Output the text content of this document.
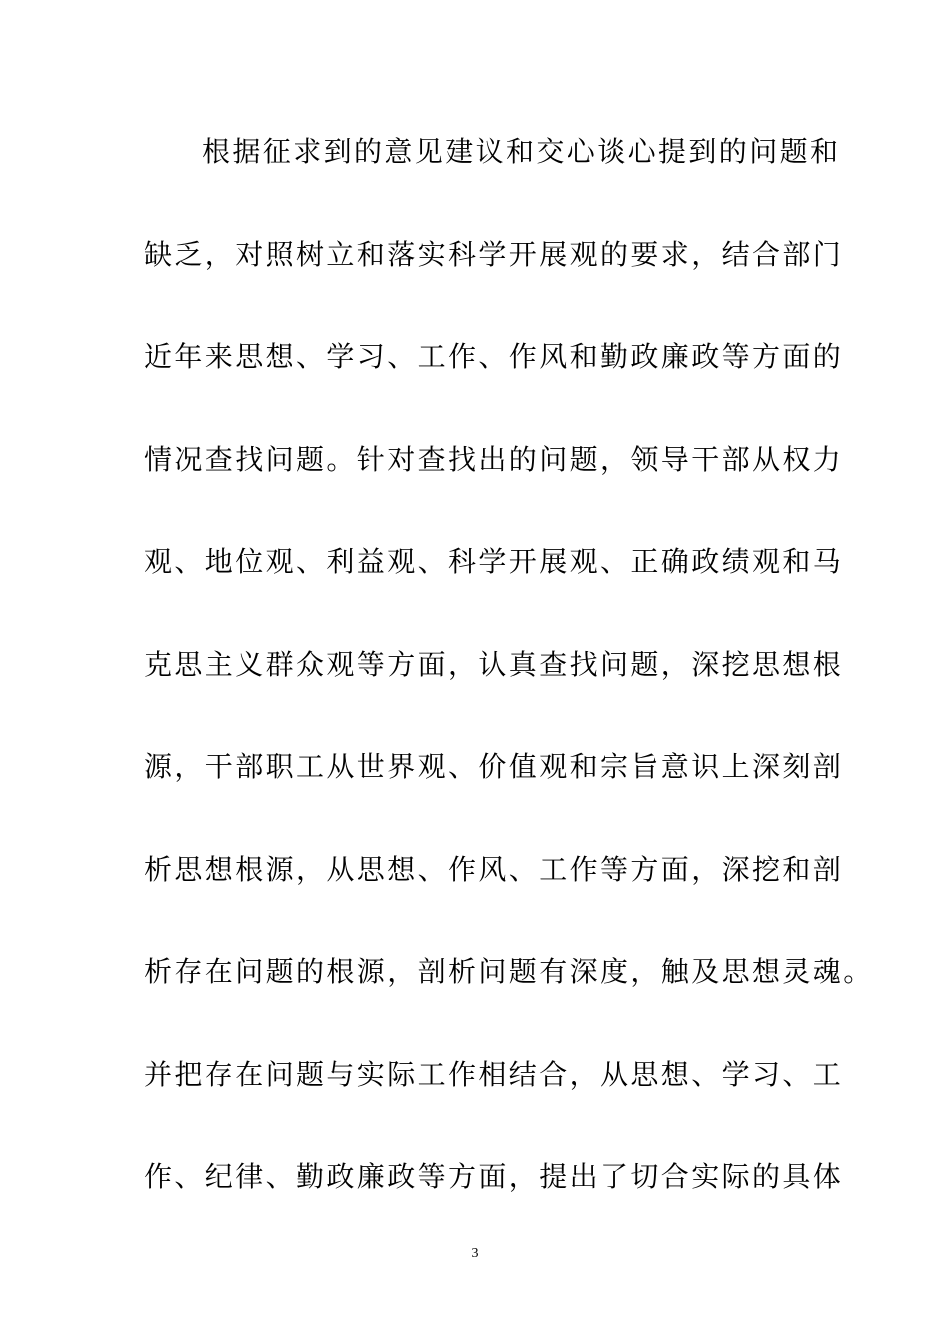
根据征求到的意见建议和交心谈心提到的问题和
缺乏，对照树立和落实科学开展观的要求，结合部门
近年来思想、学习、工作、作风和勤政廉政等方面的
情况查找问题。针对查找出的问题，领导干部从权力
观、地位观、利益观、科学开展观、正确政绩观和马
克思主义群众观等方面，认真查找问题，深挖思想根
源，干部职工从世界观、价值观和宗旨意识上深刻剖
析思想根源，从思想、作风、工作等方面，深挖和剖
析存在问题的根源，剖析问题有深度，触及思想灵魂。
并把存在问题与实际工作相结合，从思想、学习、工
作、纪律、勤政廉政等方面，提出了切合实际的具体
3
